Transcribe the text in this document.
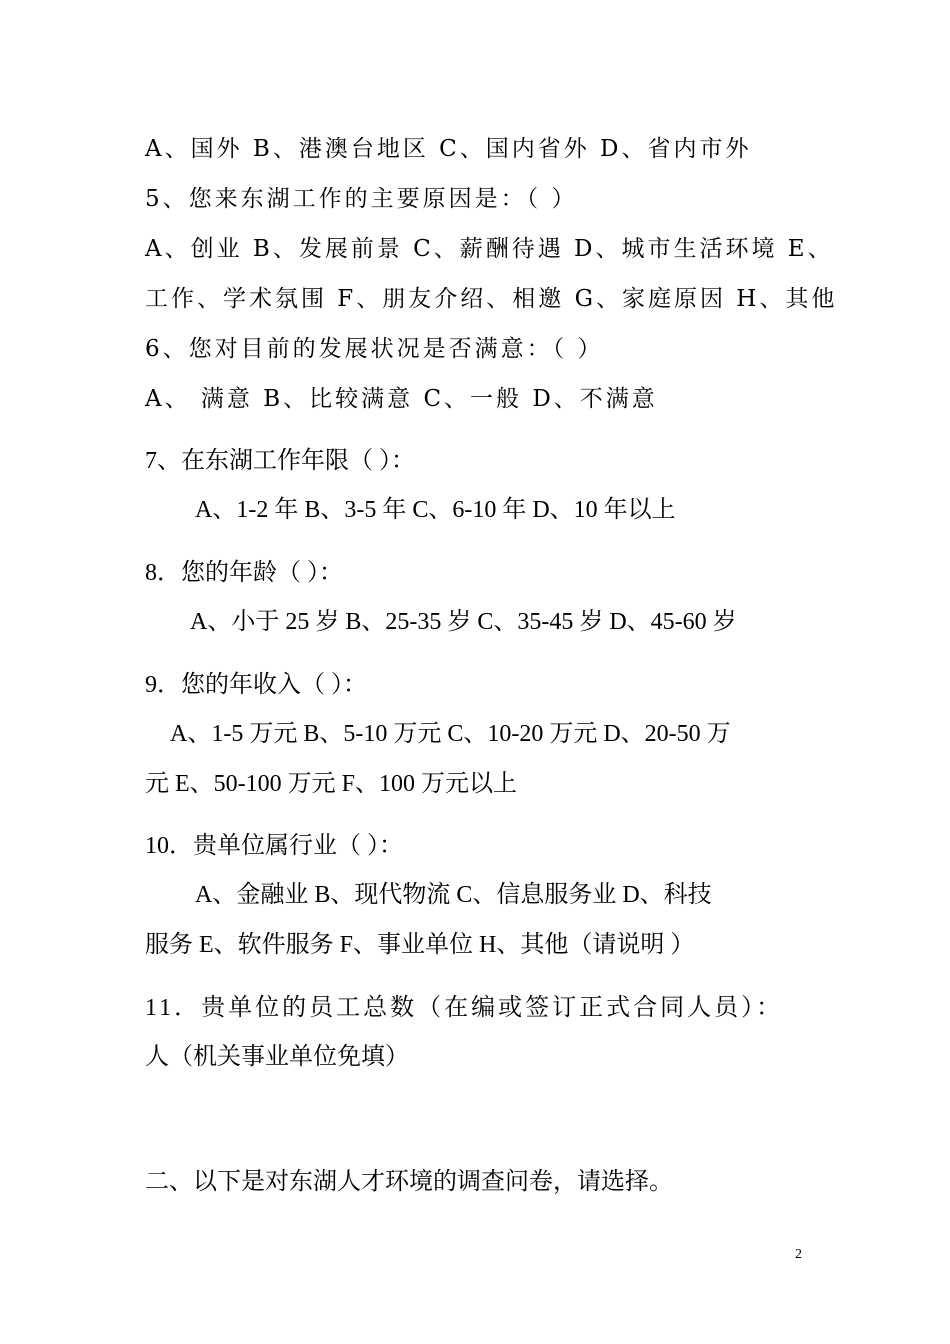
A、国外 B、港澳台地区 C、国内省外 D、省内市外
5、您来东湖工作的主要原因是：（ ）
A、创业 B、发展前景 C、薪酬待遇 D、城市生活环境 E、
工作、学术氛围 F、朋友介绍、相邀 G、家庭原因 H、其他
6、您对目前的发展状况是否满意：（ ）
A、 满意 B、比较满意 C、一般 D、不满意
7、在东湖工作年限（ ）：
A、1-2 年 B、3-5 年 C、6-10 年 D、10 年以上
8．您的年龄（ ）：
A、小于 25 岁 B、25-35 岁 C、35-45 岁 D、45-60 岁
9．您的年收入（ ）：
A、1-5 万元 B、5-10 万元 C、10-20 万元 D、20-50 万
元 E、50-100 万元 F、100 万元以上
10．贵单位属行业（ ）：
A、金融业 B、现代物流 C、信息服务业 D、科技
服务 E、软件服务 F、事业单位 H、其他（请说明 ）
11．贵单位的员工总数（在编或签订正式合同人员）：
人（机关事业单位免填）
二、以下是对东湖人才环境的调查问卷，请选择。
2
